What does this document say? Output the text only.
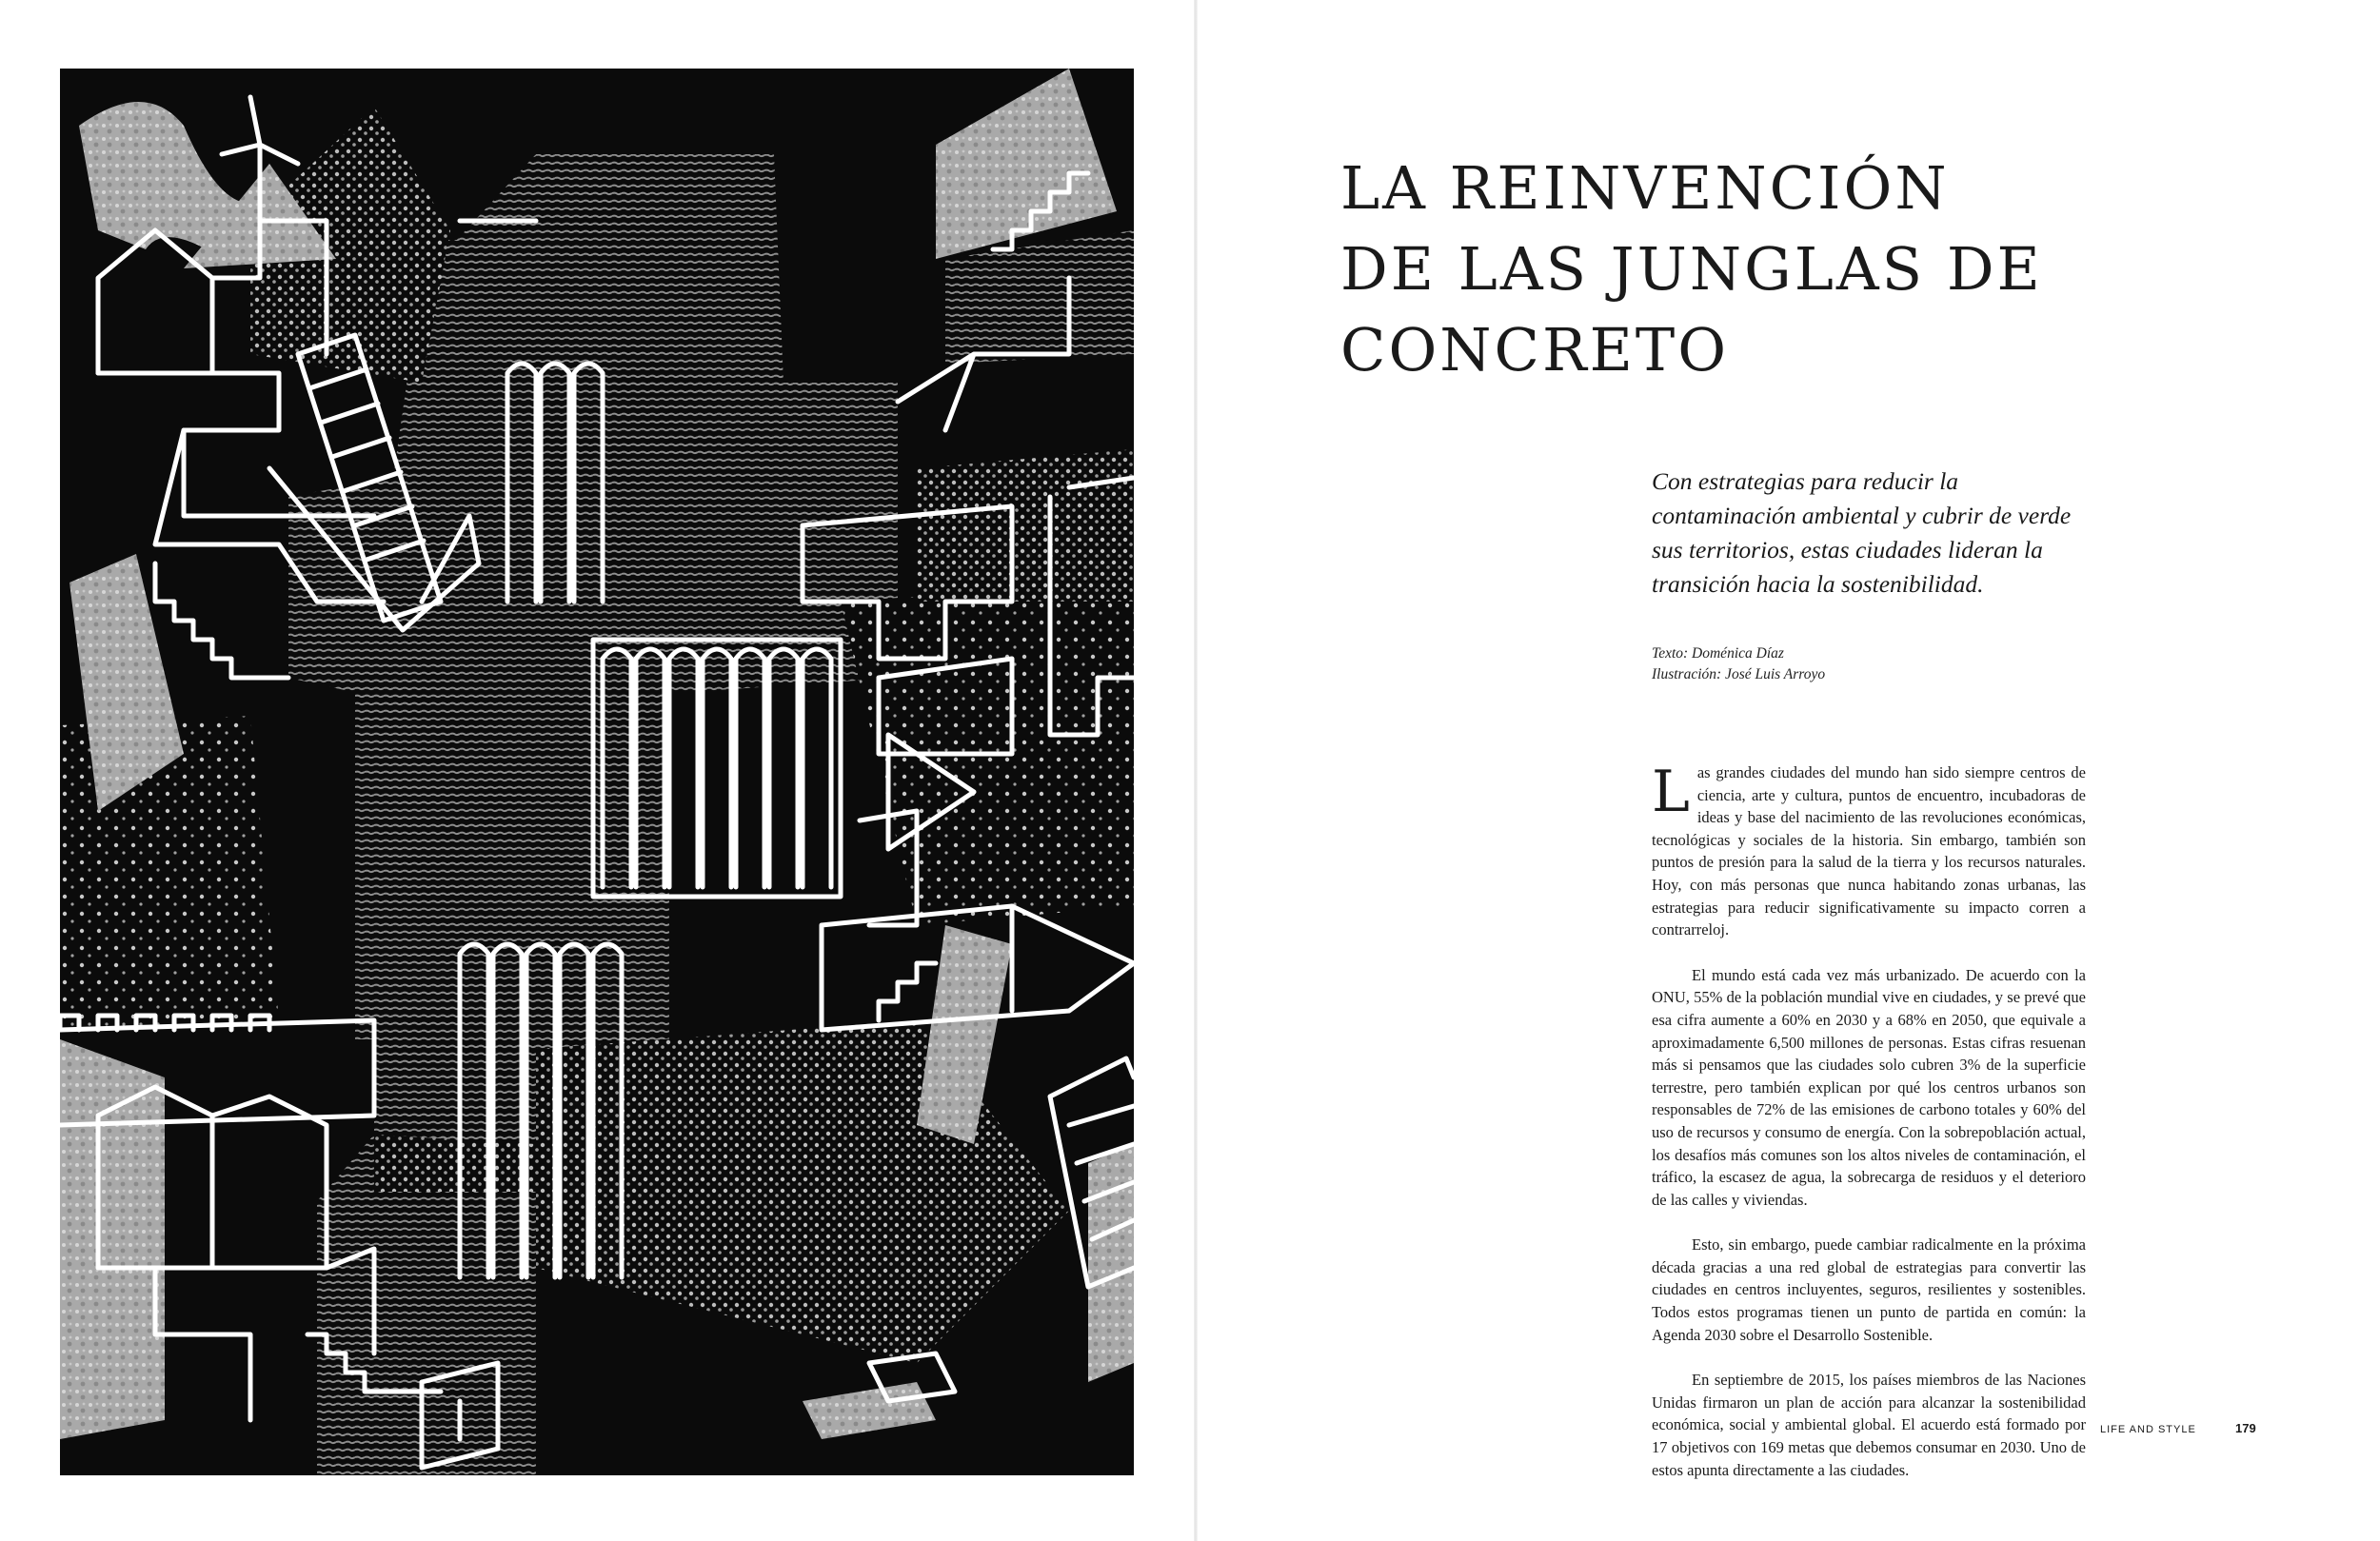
LA REINVENCIÓN
DE LAS JUNGLAS DE
CONCRETO

Con estrategias para reducir la
contaminación ambiental y cubrir de verde
sus territorios, estas ciudades lideran la
transición hacia la sostenibilidad.

Texto: Doménica Díaz
Ilustración: José Luis Arroyo

Las grandes ciudades del mundo han sido siempre centros de ciencia, arte y cultura, puntos de encuentro, incubadoras de ideas y base del nacimiento de las revoluciones económicas, tecnológicas y sociales de la historia. Sin embargo, también son puntos de presión para la salud de la tierra y los recursos naturales. Hoy, con más personas que nunca habitando zonas urbanas, las estrategias para reducir significativamente su impacto corren a contrarreloj.

El mundo está cada vez más urbanizado. De acuerdo con la ONU, 55% de la población mundial vive en ciudades, y se prevé que esa cifra aumente a 60% en 2030 y a 68% en 2050, que equivale a aproximadamente 6,500 millones de personas. Estas cifras resuenan más si pensamos que las ciudades solo cubren 3% de la superficie terrestre, pero también explican por qué los centros urbanos son responsables de 72% de las emisiones de carbono totales y 60% del uso de recursos y consumo de energía. Con la sobrepoblación actual, los desafíos más comunes son los altos niveles de contaminación, el tráfico, la escasez de agua, la sobrecarga de residuos y el deterioro de las calles y viviendas.

Esto, sin embargo, puede cambiar radicalmente en la próxima década gracias a una red global de estrategias para convertir las ciudades en centros incluyentes, seguros, resilientes y sostenibles. Todos estos programas tienen un punto de partida en común: la Agenda 2030 sobre el Desarrollo Sostenible.

En septiembre de 2015, los países miembros de las Naciones Unidas firmaron un plan de acción para alcanzar la sostenibilidad económica, social y ambiental global. El acuerdo está formado por 17 objetivos con 169 metas que debemos consumar en 2030. Uno de estos apunta directamente a las ciudades.

LIFE AND STYLE	179
